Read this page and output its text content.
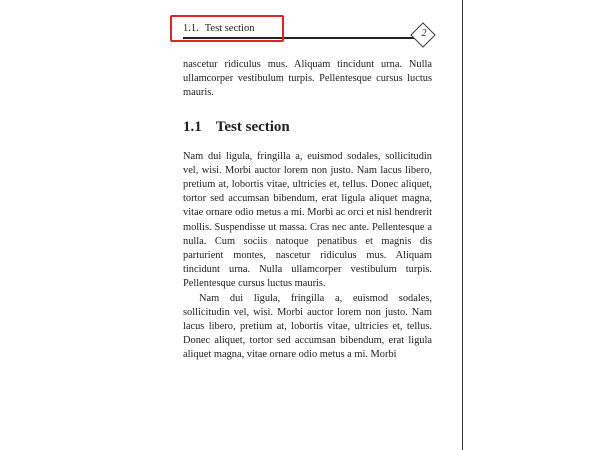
1.1. Test section	2

nascetur ridiculus mus. Aliquam tincidunt urna. Nulla ullamcorper vestibulum turpis. Pellentesque cursus luctus mauris.

1.1 Test section

Nam dui ligula, fringilla a, euismod sodales, sollicitudin vel, wisi. Morbi auctor lorem non justo. Nam lacus libero, pretium at, lobortis vitae, ultricies et, tellus. Donec aliquet, tortor sed accumsan bibendum, erat ligula aliquet magna, vitae ornare odio metus a mi. Morbi ac orci et nisl hendrerit mollis. Suspendisse ut massa. Cras nec ante. Pellentesque a nulla. Cum sociis natoque penatibus et magnis dis parturient montes, nascetur ridiculus mus. Aliquam tincidunt urna. Nulla ullamcorper vestibulum turpis. Pellentesque cursus luctus mauris.

Nam dui ligula, fringilla a, euismod sodales, sollicitudin vel, wisi. Morbi auctor lorem non justo. Nam lacus libero, pretium at, lobortis vitae, ultricies et, tellus. Donec aliquet, tortor sed accumsan bibendum, erat ligula aliquet magna, vitae ornare odio metus a mi. Morbi
